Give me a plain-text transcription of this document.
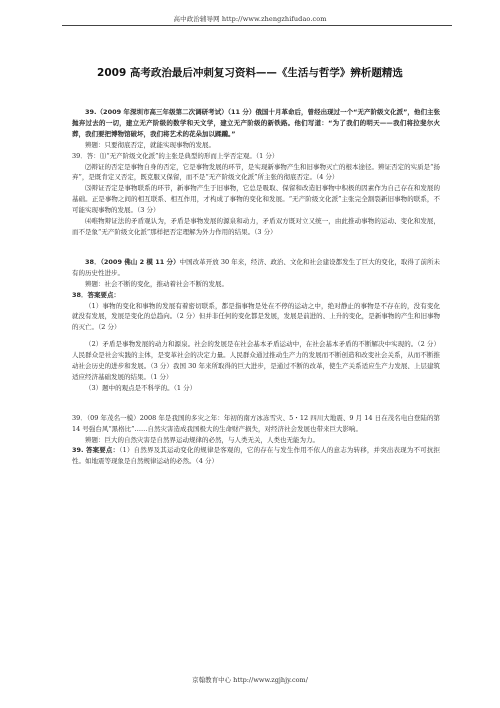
高中政治辅导网 http://www.zhengzhifudao.com
2009 高考政治最后冲刺复习资料——《生活与哲学》辨析题精选

39.（2009 年深圳市高三年级第二次调研考试）（11 分）俄国十月革命后，曾经出现过一个“无产阶级文化派”，他们主张抛弃过去的一切，建立无产阶级的数学和天文学，建立无产阶级的新铁路。他们写道：“为了我们的明天——我们将拉斐尔火葬，我们要把博物馆破坏，我们将艺术的花朵加以蹂躏。”

辨题：只要彻底否定，就能实现事物的发展。

39．答：⑴“无产阶级文化派”的主张是典型的形而上学否定观。（1 分）

⑵辩证的否定是事物自身的否定，它是事物发展的环节，是实现新事物产生和旧事物灭亡的根本途径。辨证否定的实质是“扬弃”，是既肯定又否定，既克服又保留，而不是“无产阶级文化派”所主张的彻底否定。（4 分）

⑶辩证否定是事物联系的环节，新事物产生于旧事物，它总是吸取、保留和改造旧事物中积极的因素作为自己存在和发展的基础。正是事物之间的相互联系、相互作用，才构成了事物的变化和发展。“无产阶级文化派”主张完全割裂新旧事物的联系，不可能实现事物的发展。（3 分）

⑷唯物辩证法的矛盾观认为，矛盾是事物发展的源泉和动力，矛盾双方既对立又统一，由此推动事物的运动、变化和发展，而不是象“无产阶级文化派”那样把否定理解为外力作用的结果。（3 分）

38．（2009 佛山 2 模 11 分）中国改革开放 30 年来，经济、政治、文化和社会建设都发生了巨大的变化，取得了前所未有的历史性进步。

辨题：社会不断的变化，推动着社会不断的发展。

38．答案要点：

（1）事物的变化和事物的发展有着密切联系，都是指事物是处在不停的运动之中，绝对静止的事物是不存在的，没有变化就没有发展，发展是变化的总趋向。（2 分）但并非任何的变化都是发展，发展是前进的、上升的变化，是新事物的产生和旧事物的灭亡。（2 分）

（2）矛盾是事物发展的动力和源泉。社会的发展是在社会基本矛盾运动中，在社会基本矛盾的不断解决中实现的。（2 分）人民群众是社会实践的主体，是变革社会的决定力量。人民群众通过推动生产力的发展而不断创造和改变社会关系，从而不断推动社会历史的进步和发展。（3 分）我国 30 年来所取得的巨大进步，是通过不断的改革，使生产关系适应生产力发展、上层建筑适应经济基础发展的结果。（1 分）

（3）题中的观点是不科学的。（1 分）

39．（09 年茂名一模）2008 年是我国的多灾之年：年初的南方冰冻雪灾、5・12 四川大地震、9 月 14 日在茂名电白登陆的第 14 号强台风“黑格比”……自然灾害造成我国极大的生命财产损失，对经济社会发展也带来巨大影响。

辨题：巨大的自然灾害是自然界运动规律的必然，与人类无关，人类也无能为力。

39. 答案要点：（1）自然界及其运动变化的规律是客观的，它的存在与发生作用不依人的意志为转移，并突出表现为不可抗拒性。如地震等现象是自然规律运动的必然。（4 分）

京翰教育中心 http://www.zgjhjy.com/
